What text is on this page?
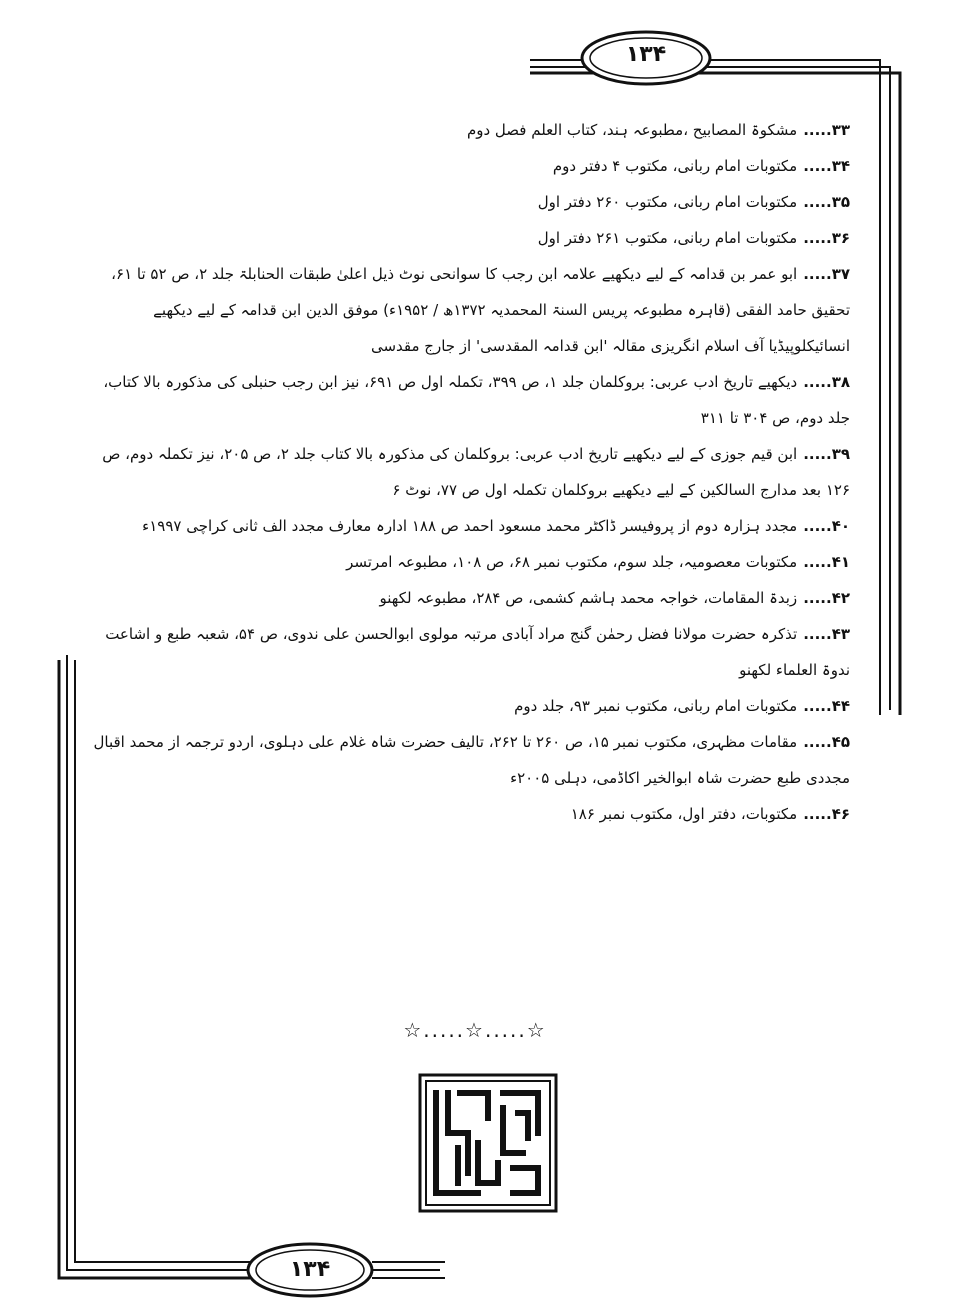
۱۳۴
۱۳۴
۳۳.....مشکوۃ المصابیح ،مطبوعہ ہند، کتاب العلم فصل دوم
۳۴.....مکتوبات امام ربانی، مکتوب ۴ دفتر دوم
۳۵.....مکتوبات امام ربانی، مکتوب ۲۶۰ دفتر اول
۳۶.....مکتوبات امام ربانی، مکتوب ۲۶۱ دفتر اول
۳۷.....ابو عمر بن قدامہ کے لیے دیکھیے علامہ ابن رجب کا سوانحی نوٹ ذیل اعلیٰ طبقات الحنابلۃ جلد ۲، ص ۵۲ تا ۶۱، تحقیق حامد الفقی (قاہرہ مطبوعہ پریس السنۃ المحمدیہ ۱۳۷۲ھ / ۱۹۵۲ء) موفق الدین ابن قدامہ کے لیے دیکھیے انسائیکلوپیڈیا آف اسلام انگریزی مقالہ 'ابن قدامہ المقدسی' از جارج مقدسی
۳۸.....دیکھیے تاریخ ادب عربی: بروکلمان جلد ۱، ص ۳۹۹، تکملہ اول ص ۶۹۱، نیز ابن رجب حنبلی کی مذکورہ بالا کتاب، جلد دوم، ص ۳۰۴ تا ۳۱۱
۳۹.....ابن قیم جوزی کے لیے دیکھیے تاریخ ادب عربی: بروکلمان کی مذکورہ بالا کتاب جلد ۲، ص ۲۰۵، نیز تکملہ دوم، ص ۱۲۶ بعد مدارج السالکین کے لیے دیکھیے بروکلمان تکملہ اول ص ۷۷، نوٹ ۶
۴۰.....مجدد ہزارہ دوم از پروفیسر ڈاکٹر محمد مسعود احمد ص ۱۸۸ ادارہ معارف مجدد الف ثانی کراچی ۱۹۹۷ء
۴۱.....مکتوبات معصومیہ، جلد سوم، مکتوب نمبر ۶۸، ص ۱۰۸، مطبوعہ امرتسر
۴۲.....زبدۃ المقامات، خواجہ محمد ہاشم کشمی، ص ۲۸۴، مطبوعہ لکھنو
۴۳.....تذکرہ حضرت مولانا فضل رحمٰن گنج مراد آبادی مرتبہ مولوی ابوالحسن علی ندوی، ص ۵۴، شعبہ طبع و اشاعت ندوۃ العلماء لکھنو
۴۴.....مکتوبات امام ربانی، مکتوب نمبر ۹۳، جلد دوم
۴۵.....مقامات مظہری، مکتوب نمبر ۱۵، ص ۲۶۰ تا ۲۶۲، تالیف حضرت شاہ غلام علی دہلوی، اردو ترجمہ از محمد اقبال مجددی طبع حضرت شاہ ابوالخیر اکاڈمی، دہلی ۲۰۰۵ء
۴۶.....مکتوبات، دفتر اول، مکتوب نمبر ۱۸۶
☆.....☆.....☆
